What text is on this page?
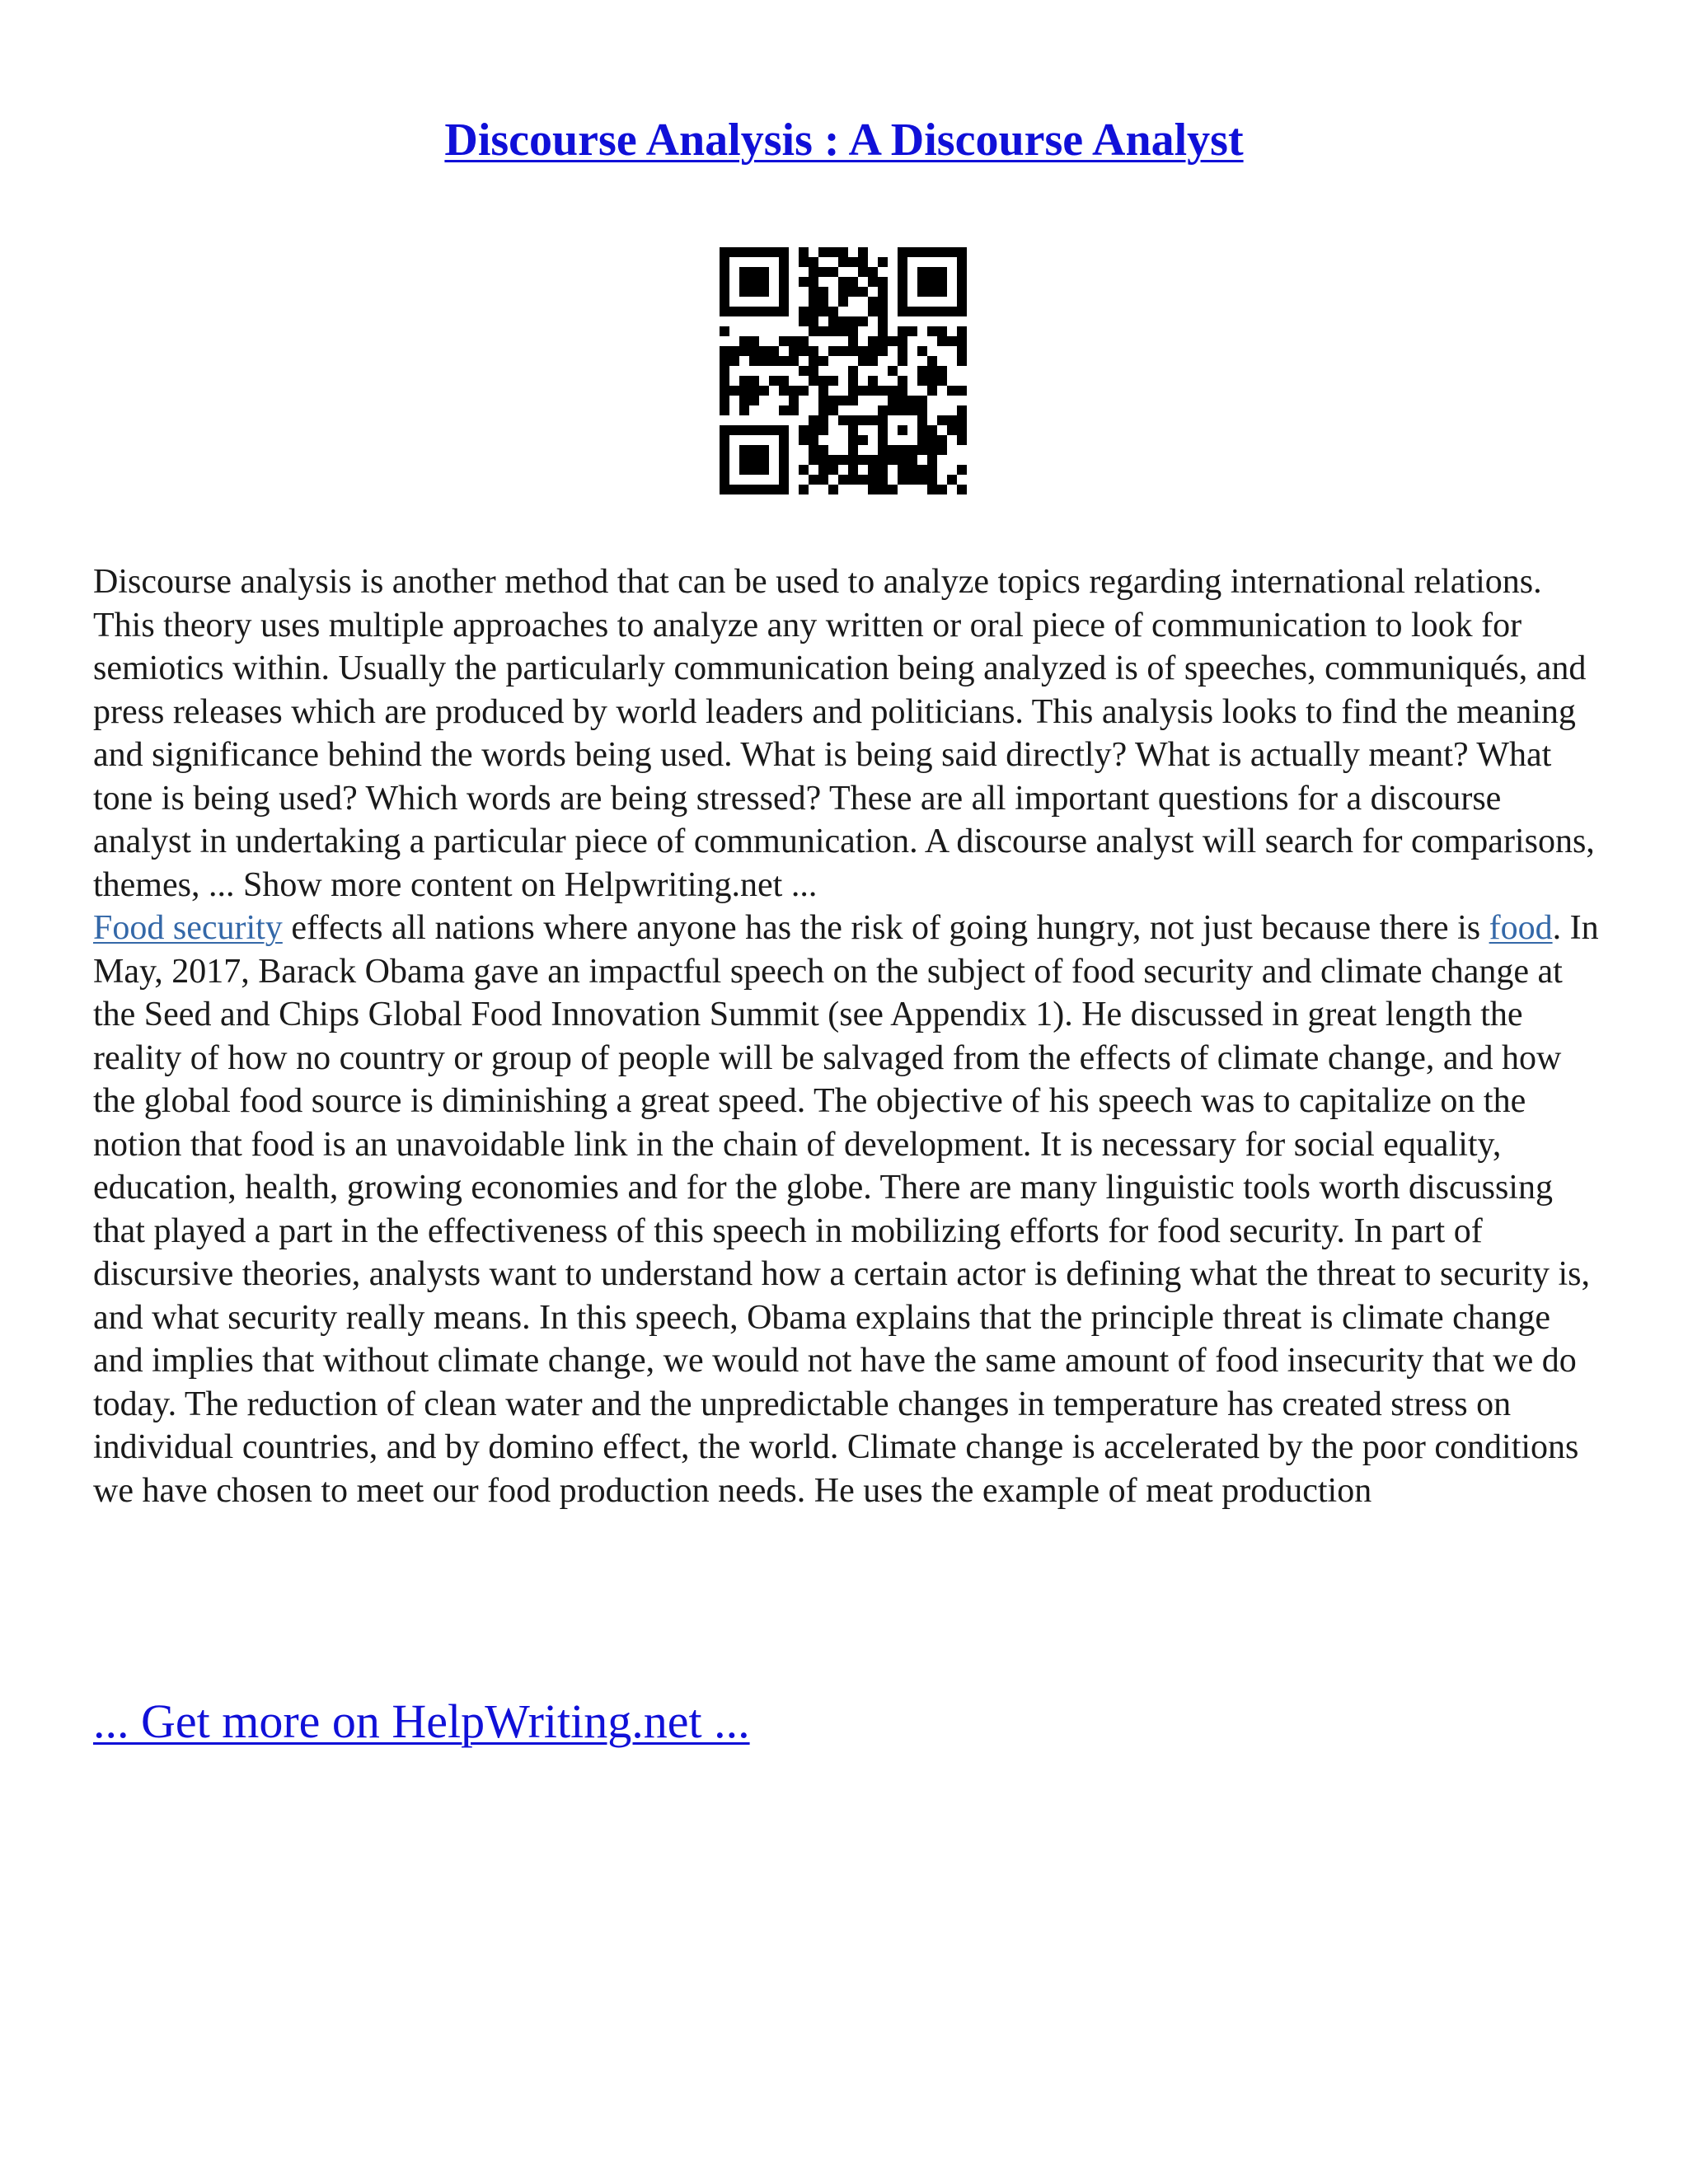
Discourse Analysis : A Discourse Analyst

Discourse analysis is another method that can be used to analyze topics regarding international relations. This theory uses multiple approaches to analyze any written or oral piece of communication to look for semiotics within. Usually the particularly communication being analyzed is of speeches, communiqués, and press releases which are produced by world leaders and politicians. This analysis looks to find the meaning and significance behind the words being used. What is being said directly? What is actually meant? What tone is being used? Which words are being stressed? These are all important questions for a discourse analyst in undertaking a particular piece of communication. A discourse analyst will search for comparisons, themes, ... Show more content on Helpwriting.net ...

Food security effects all nations where anyone has the risk of going hungry, not just because there is food. In May, 2017, Barack Obama gave an impactful speech on the subject of food security and climate change at the Seed and Chips Global Food Innovation Summit (see Appendix 1). He discussed in great length the reality of how no country or group of people will be salvaged from the effects of climate change, and how the global food source is diminishing a great speed. The objective of his speech was to capitalize on the notion that food is an unavoidable link in the chain of development. It is necessary for social equality, education, health, growing economies and for the globe. There are many linguistic tools worth discussing that played a part in the effectiveness of this speech in mobilizing efforts for food security. In part of discursive theories, analysts want to understand how a certain actor is defining what the threat to security is, and what security really means. In this speech, Obama explains that the principle threat is climate change and implies that without climate change, we would not have the same amount of food insecurity that we do today. The reduction of clean water and the unpredictable changes in temperature has created stress on individual countries, and by domino effect, the world. Climate change is accelerated by the poor conditions we have chosen to meet our food production needs. He uses the example of meat production

... Get more on HelpWriting.net ...
